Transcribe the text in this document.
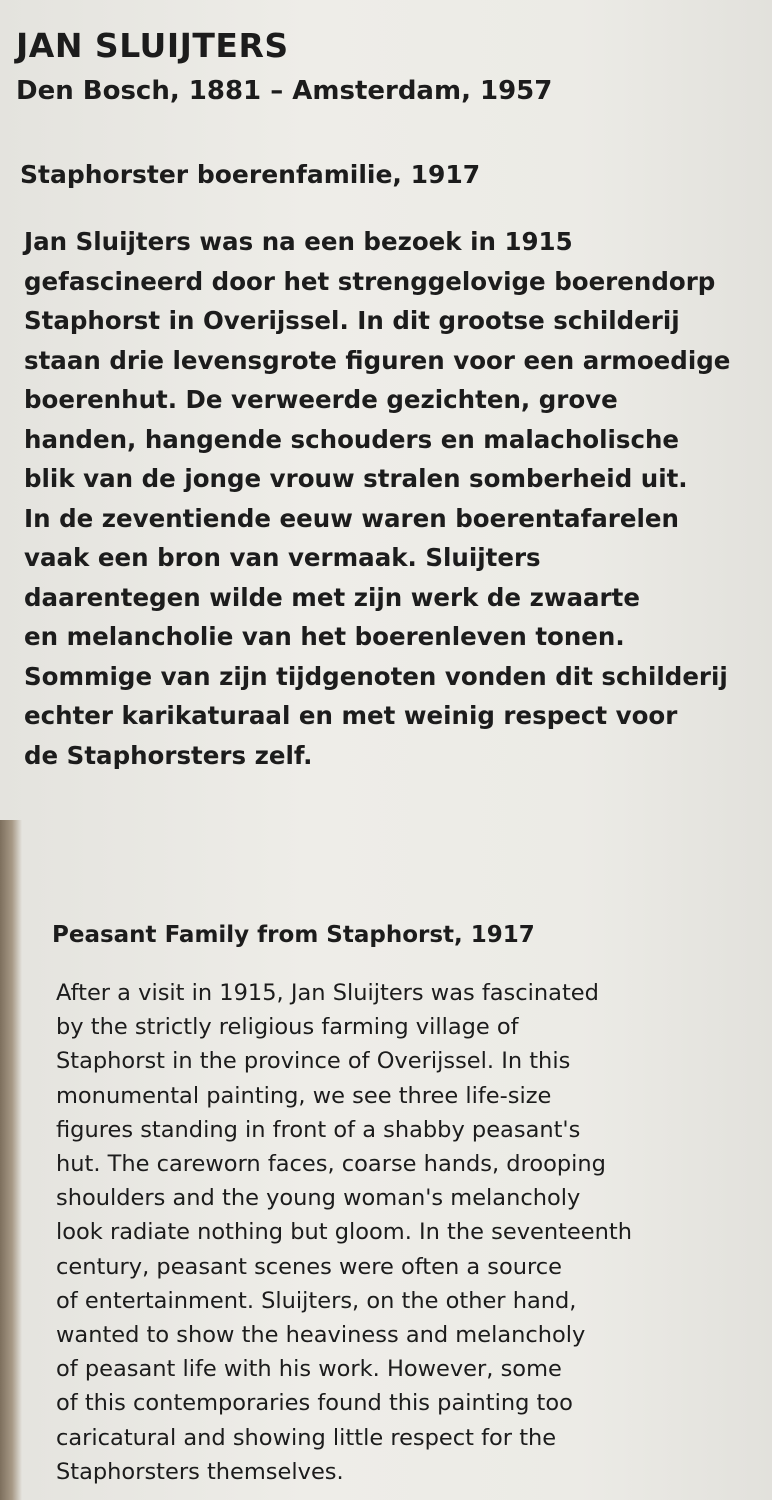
JAN SLUIJTERS

Den Bosch, 1881 – Amsterdam, 1957

Staphorster boerenfamilie, 1917
Jan Sluijters was na een bezoek in 1915
gefascineerd door het strenggelovige boerendorp
Staphorst in Overijssel. In dit grootse schilderij
staan drie levensgrote figuren voor een armoedige
boerenhut. De verweerde gezichten, grove
handen, hangende schouders en malacholische
blik van de jonge vrouw stralen somberheid uit.
In de zeventiende eeuw waren boerentafarelen
vaak een bron van vermaak. Sluijters
daarentegen wilde met zijn werk de zwaarte
en melancholie van het boerenleven tonen.
Sommige van zijn tijdgenoten vonden dit schilderij
echter karikaturaal en met weinig respect voor
de Staphorsters zelf.
Peasant Family from Staphorst, 1917
After a visit in 1915, Jan Sluijters was fascinated
by the strictly religious farming village of
Staphorst in the province of Overijssel. In this
monumental painting, we see three life-size
figures standing in front of a shabby peasant's
hut. The careworn faces, coarse hands, drooping
shoulders and the young woman's melancholy
look radiate nothing but gloom. In the seventeenth
century, peasant scenes were often a source
of entertainment. Sluijters, on the other hand,
wanted to show the heaviness and melancholy
of peasant life with his work. However, some
of this contemporaries found this painting too
caricatural and showing little respect for the
Staphorsters themselves.
